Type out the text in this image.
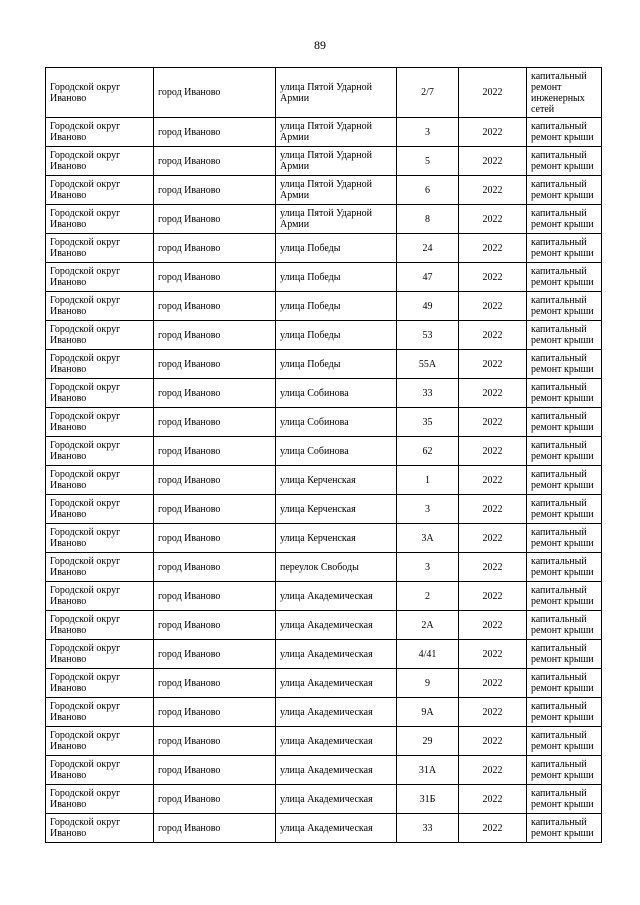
89
Городской округ Иваново	город Иваново	улица Пятой Ударной Армии	2/7	2022	капитальный ремонт инженерных сетей
Городской округ Иваново	город Иваново	улица Пятой Ударной Армии	3	2022	капитальный ремонт крыши
Городской округ Иваново	город Иваново	улица Пятой Ударной Армии	5	2022	капитальный ремонт крыши
Городской округ Иваново	город Иваново	улица Пятой Ударной Армии	6	2022	капитальный ремонт крыши
Городской округ Иваново	город Иваново	улица Пятой Ударной Армии	8	2022	капитальный ремонт крыши
Городской округ Иваново	город Иваново	улица Победы	24	2022	капитальный ремонт крыши
Городской округ Иваново	город Иваново	улица Победы	47	2022	капитальный ремонт крыши
Городской округ Иваново	город Иваново	улица Победы	49	2022	капитальный ремонт крыши
Городской округ Иваново	город Иваново	улица Победы	53	2022	капитальный ремонт крыши
Городской округ Иваново	город Иваново	улица Победы	55А	2022	капитальный ремонт крыши
Городской округ Иваново	город Иваново	улица Собинова	33	2022	капитальный ремонт крыши
Городской округ Иваново	город Иваново	улица Собинова	35	2022	капитальный ремонт крыши
Городской округ Иваново	город Иваново	улица Собинова	62	2022	капитальный ремонт крыши
Городской округ Иваново	город Иваново	улица Керченская	1	2022	капитальный ремонт крыши
Городской округ Иваново	город Иваново	улица Керченская	3	2022	капитальный ремонт крыши
Городской округ Иваново	город Иваново	улица Керченская	3А	2022	капитальный ремонт крыши
Городской округ Иваново	город Иваново	переулок Свободы	3	2022	капитальный ремонт крыши
Городской округ Иваново	город Иваново	улица Академическая	2	2022	капитальный ремонт крыши
Городской округ Иваново	город Иваново	улица Академическая	2А	2022	капитальный ремонт крыши
Городской округ Иваново	город Иваново	улица Академическая	4/41	2022	капитальный ремонт крыши
Городской округ Иваново	город Иваново	улица Академическая	9	2022	капитальный ремонт крыши
Городской округ Иваново	город Иваново	улица Академическая	9А	2022	капитальный ремонт крыши
Городской округ Иваново	город Иваново	улица Академическая	29	2022	капитальный ремонт крыши
Городской округ Иваново	город Иваново	улица Академическая	31А	2022	капитальный ремонт крыши
Городской округ Иваново	город Иваново	улица Академическая	31Б	2022	капитальный ремонт крыши
Городской округ Иваново	город Иваново	улица Академическая	33	2022	капитальный ремонт крыши
